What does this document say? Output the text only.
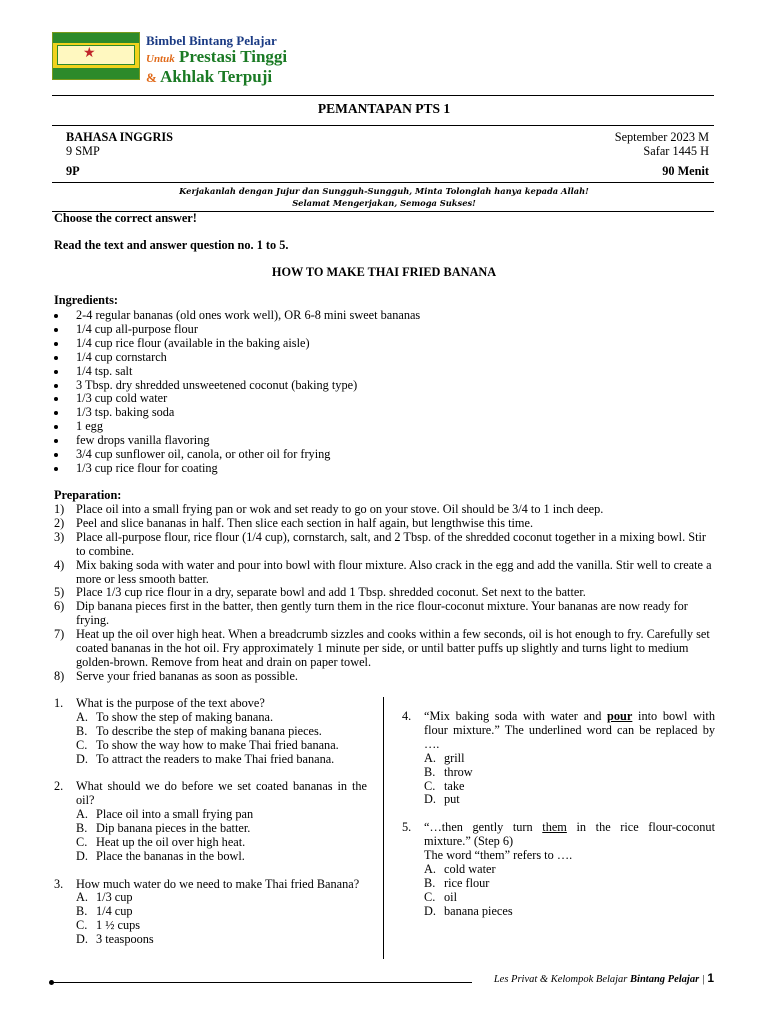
★
Bimbel Bintang Pelajar
Untuk Prestasi Tinggi
& Akhlak Terpuji
PEMANTAPAN PTS 1
BAHASA INGGRIS
9 SMP
9P
September 2023 M
Safar 1445 H
90 Menit
Kerjakanlah dengan Jujur dan Sungguh-Sungguh, Minta Tolonglah hanya kepada Allah!
Selamat Mengerjakan, Semoga Sukses!
Choose the correct answer!
Read the text and answer question no. 1 to 5.
HOW TO MAKE THAI FRIED BANANA
Ingredients:
2-4 regular bananas (old ones work well), OR 6-8 mini sweet bananas
1/4 cup all-purpose flour
1/4 cup rice flour (available in the baking aisle)
1/4 cup cornstarch
1/4 tsp. salt
3 Tbsp. dry shredded unsweetened coconut (baking type)
1/3 cup cold water
1/3 tsp. baking soda
1 egg
few drops vanilla flavoring
3/4 cup sunflower oil, canola, or other oil for frying
1/3 cup rice flour for coating
Preparation:
1) Place oil into a small frying pan or wok and set ready to go on your stove. Oil should be 3/4 to 1 inch deep.
2) Peel and slice bananas in half. Then slice each section in half again, but lengthwise this time.
3) Place all-purpose flour, rice flour (1/4 cup), cornstarch, salt, and 2 Tbsp. of the shredded coconut together in a mixing bowl. Stir to combine.
4) Mix baking soda with water and pour into bowl with flour mixture. Also crack in the egg and add the vanilla. Stir well to create a more or less smooth batter.
5) Place 1/3 cup rice flour in a dry, separate bowl and add 1 Tbsp. shredded coconut. Set next to the batter.
6) Dip banana pieces first in the batter, then gently turn them in the rice flour-coconut mixture. Your bananas are now ready for frying.
7) Heat up the oil over high heat. When a breadcrumb sizzles and cooks within a few seconds, oil is hot enough to fry. Carefully set coated bananas in the hot oil. Fry approximately 1 minute per side, or until batter puffs up slightly and turns light to medium golden-brown. Remove from heat and drain on paper towel.
8) Serve your fried bananas as soon as possible.
1.	What is the purpose of the text above?
A. To show the step of making banana.
B. To describe the step of making banana pieces.
C. To show the way how to make Thai fried banana.
D. To attract the readers to make Thai fried banana.
2.	What should we do before we set coated bananas in the oil?
A. Place oil into a small frying pan
B. Dip banana pieces in the batter.
C. Heat up the oil over high heat.
D. Place the bananas in the bowl.
3.	How much water do we need to make Thai fried Banana?
A. 1/3 cup
B. 1/4 cup
C. 1 ½ cups
D. 3 teaspoons
4.	“Mix baking soda with water and pour into bowl with flour mixture.” The underlined word can be replaced by ….
A. grill
B. throw
C. take
D. put
5.	“…then gently turn them in the rice flour-coconut mixture.” (Step 6)
The word “them” refers to ….
A. cold water
B. rice flour
C. oil
D. banana pieces
Les Privat & Kelompok Belajar Bintang Pelajar | 1
